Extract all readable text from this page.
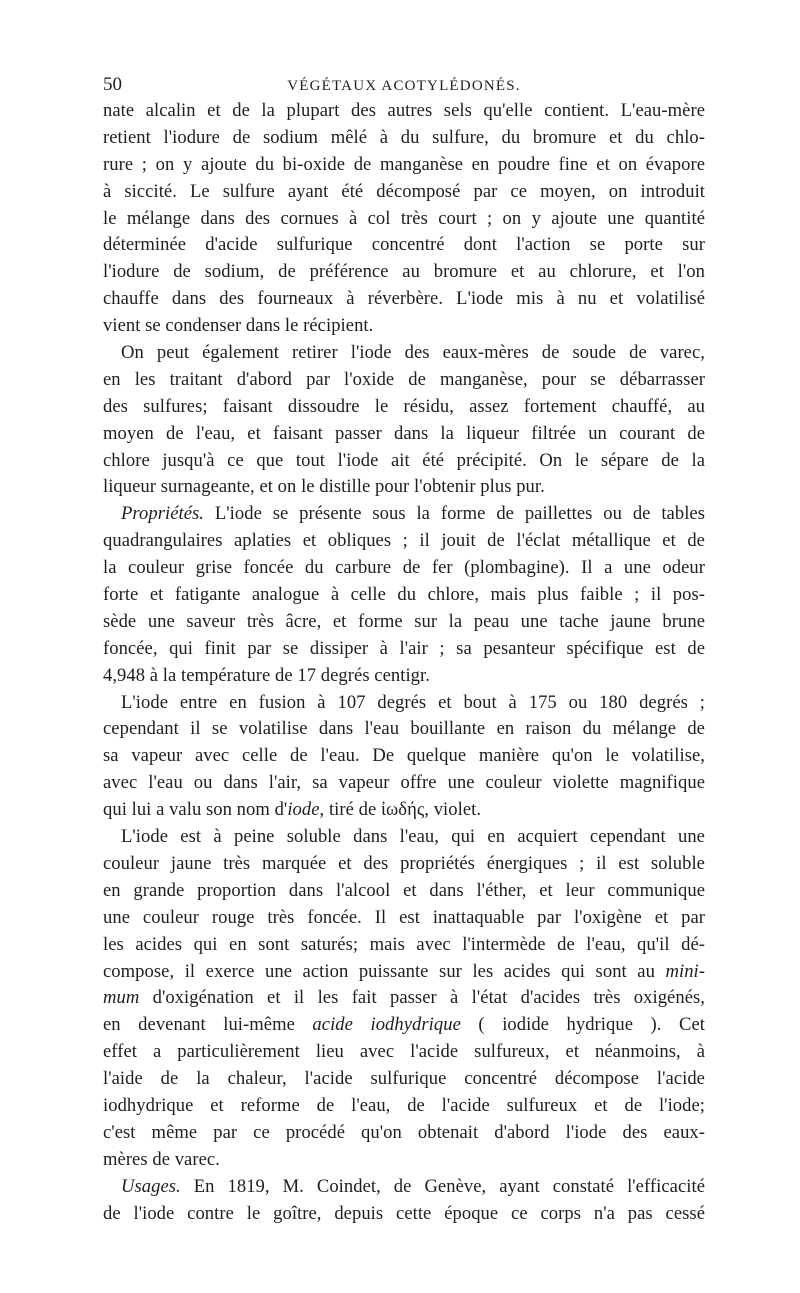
50	VÉGÉTAUX ACOTYLÉDONÉS.
nate alcalin et de la plupart des autres sels qu'elle contient. L'eau-mère
retient l'iodure de sodium mêlé à du sulfure, du bromure et du chlo-
rure ; on y ajoute du bi-oxide de manganèse en poudre fine et on évapore
à siccité. Le sulfure ayant été décomposé par ce moyen, on introduit
le mélange dans des cornues à col très court ; on y ajoute une quantité
déterminée d'acide sulfurique concentré dont l'action se porte sur
l'iodure de sodium, de préférence au bromure et au chlorure, et l'on
chauffe dans des fourneaux à réverbère. L'iode mis à nu et volatilisé
vient se condenser dans le récipient.
On peut également retirer l'iode des eaux-mères de soude de varec,
en les traitant d'abord par l'oxide de manganèse, pour se débarrasser
des sulfures; faisant dissoudre le résidu, assez fortement chauffé, au
moyen de l'eau, et faisant passer dans la liqueur filtrée un courant de
chlore jusqu'à ce que tout l'iode ait été précipité. On le sépare de la
liqueur surnageante, et on le distille pour l'obtenir plus pur.
Propriétés. L'iode se présente sous la forme de paillettes ou de tables
quadrangulaires aplaties et obliques ; il jouit de l'éclat métallique et de
la couleur grise foncée du carbure de fer (plombagine). Il a une odeur
forte et fatigante analogue à celle du chlore, mais plus faible ; il pos-
sède une saveur très âcre, et forme sur la peau une tache jaune brune
foncée, qui finit par se dissiper à l'air ; sa pesanteur spécifique est de
4,948 à la température de 17 degrés centigr.
L'iode entre en fusion à 107 degrés et bout à 175 ou 180 degrés ;
cependant il se volatilise dans l'eau bouillante en raison du mélange de
sa vapeur avec celle de l'eau. De quelque manière qu'on le volatilise,
avec l'eau ou dans l'air, sa vapeur offre une couleur violette magnifique
qui lui a valu son nom d'iode, tiré de ἰωδής, violet.
L'iode est à peine soluble dans l'eau, qui en acquiert cependant une
couleur jaune très marquée et des propriétés énergiques ; il est soluble
en grande proportion dans l'alcool et dans l'éther, et leur communique
une couleur rouge très foncée. Il est inattaquable par l'oxigène et par
les acides qui en sont saturés; mais avec l'intermède de l'eau, qu'il dé-
compose, il exerce une action puissante sur les acides qui sont au mini-
mum d'oxigénation et il les fait passer à l'état d'acides très oxigénés,
en devenant lui-même acide iodhydrique ( iodide hydrique ). Cet
effet a particulièrement lieu avec l'acide sulfureux, et néanmoins, à
l'aide de la chaleur, l'acide sulfurique concentré décompose l'acide
iodhydrique et reforme de l'eau, de l'acide sulfureux et de l'iode;
c'est même par ce procédé qu'on obtenait d'abord l'iode des eaux-
mères de varec.
Usages. En 1819, M. Coindet, de Genève, ayant constaté l'efficacité
de l'iode contre le goître, depuis cette époque ce corps n'a pas cessé
